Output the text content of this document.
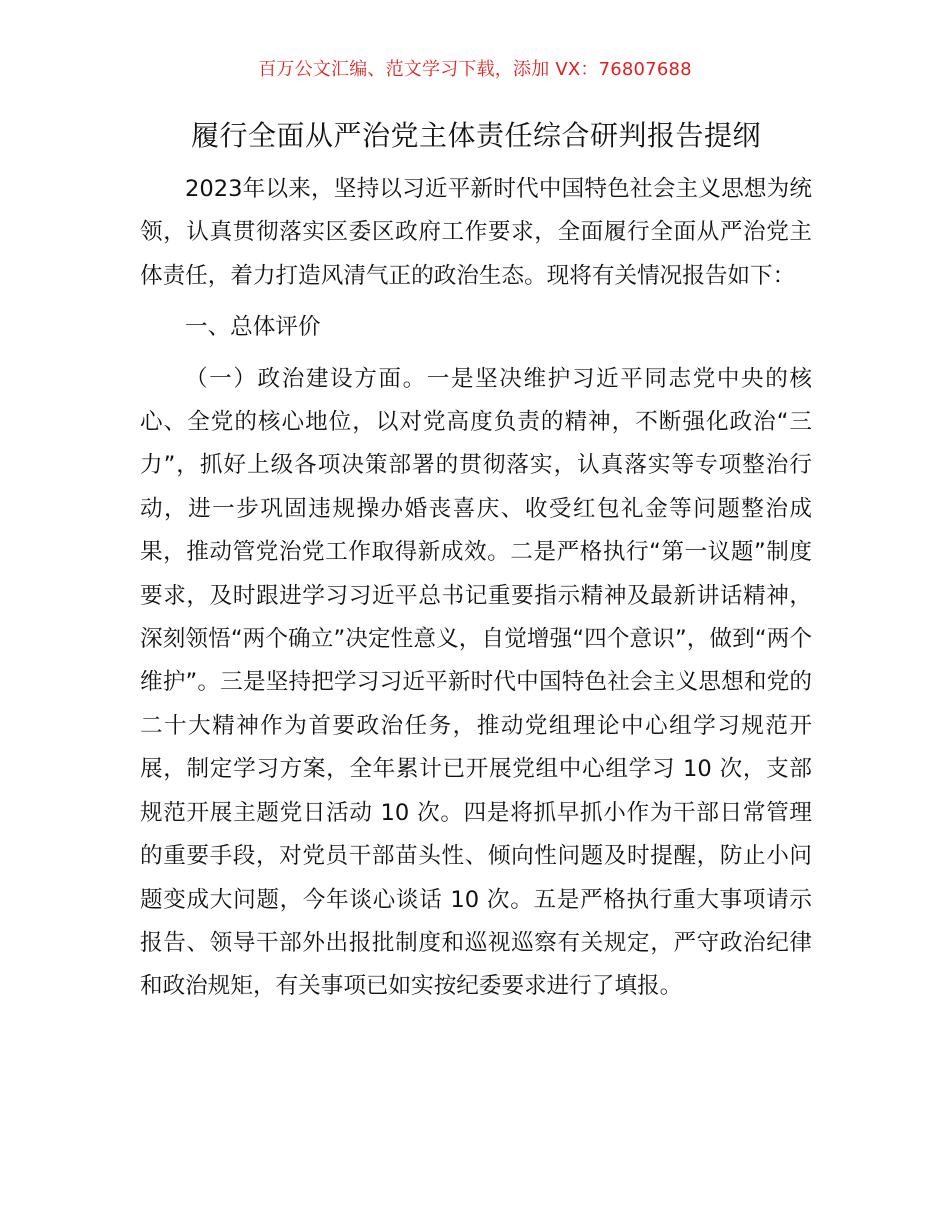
百万公文汇编、范文学习下载，添加 VX：76807688
履行全面从严治党主体责任综合研判报告提纲

2023年以来，坚持以习近平新时代中国特色社会主义思想为统领，认真贯彻落实区委区政府工作要求，全面履行全面从严治党主体责任，着力打造风清气正的政治生态。现将有关情况报告如下：

一、总体评价

（一）政治建设方面。一是坚决维护习近平同志党中央的核心、全党的核心地位，以对党高度负责的精神，不断强化政治“三力”，抓好上级各项决策部署的贯彻落实，认真落实等专项整治行动，进一步巩固违规操办婚丧喜庆、收受红包礼金等问题整治成果，推动管党治党工作取得新成效。二是严格执行“第一议题”制度要求，及时跟进学习习近平总书记重要指示精神及最新讲话精神，深刻领悟“两个确立”决定性意义，自觉增强“四个意识”，做到“两个维护”。三是坚持把学习习近平新时代中国特色社会主义思想和党的二十大精神作为首要政治任务，推动党组理论中心组学习规范开展，制定学习方案，全年累计已开展党组中心组学习 10 次，支部规范开展主题党日活动 10 次。四是将抓早抓小作为干部日常管理的重要手段，对党员干部苗头性、倾向性问题及时提醒，防止小问题变成大问题，今年谈心谈话 10 次。五是严格执行重大事项请示报告、领导干部外出报批制度和巡视巡察有关规定，严守政治纪律和政治规矩，有关事项已如实按纪委要求进行了填报。
